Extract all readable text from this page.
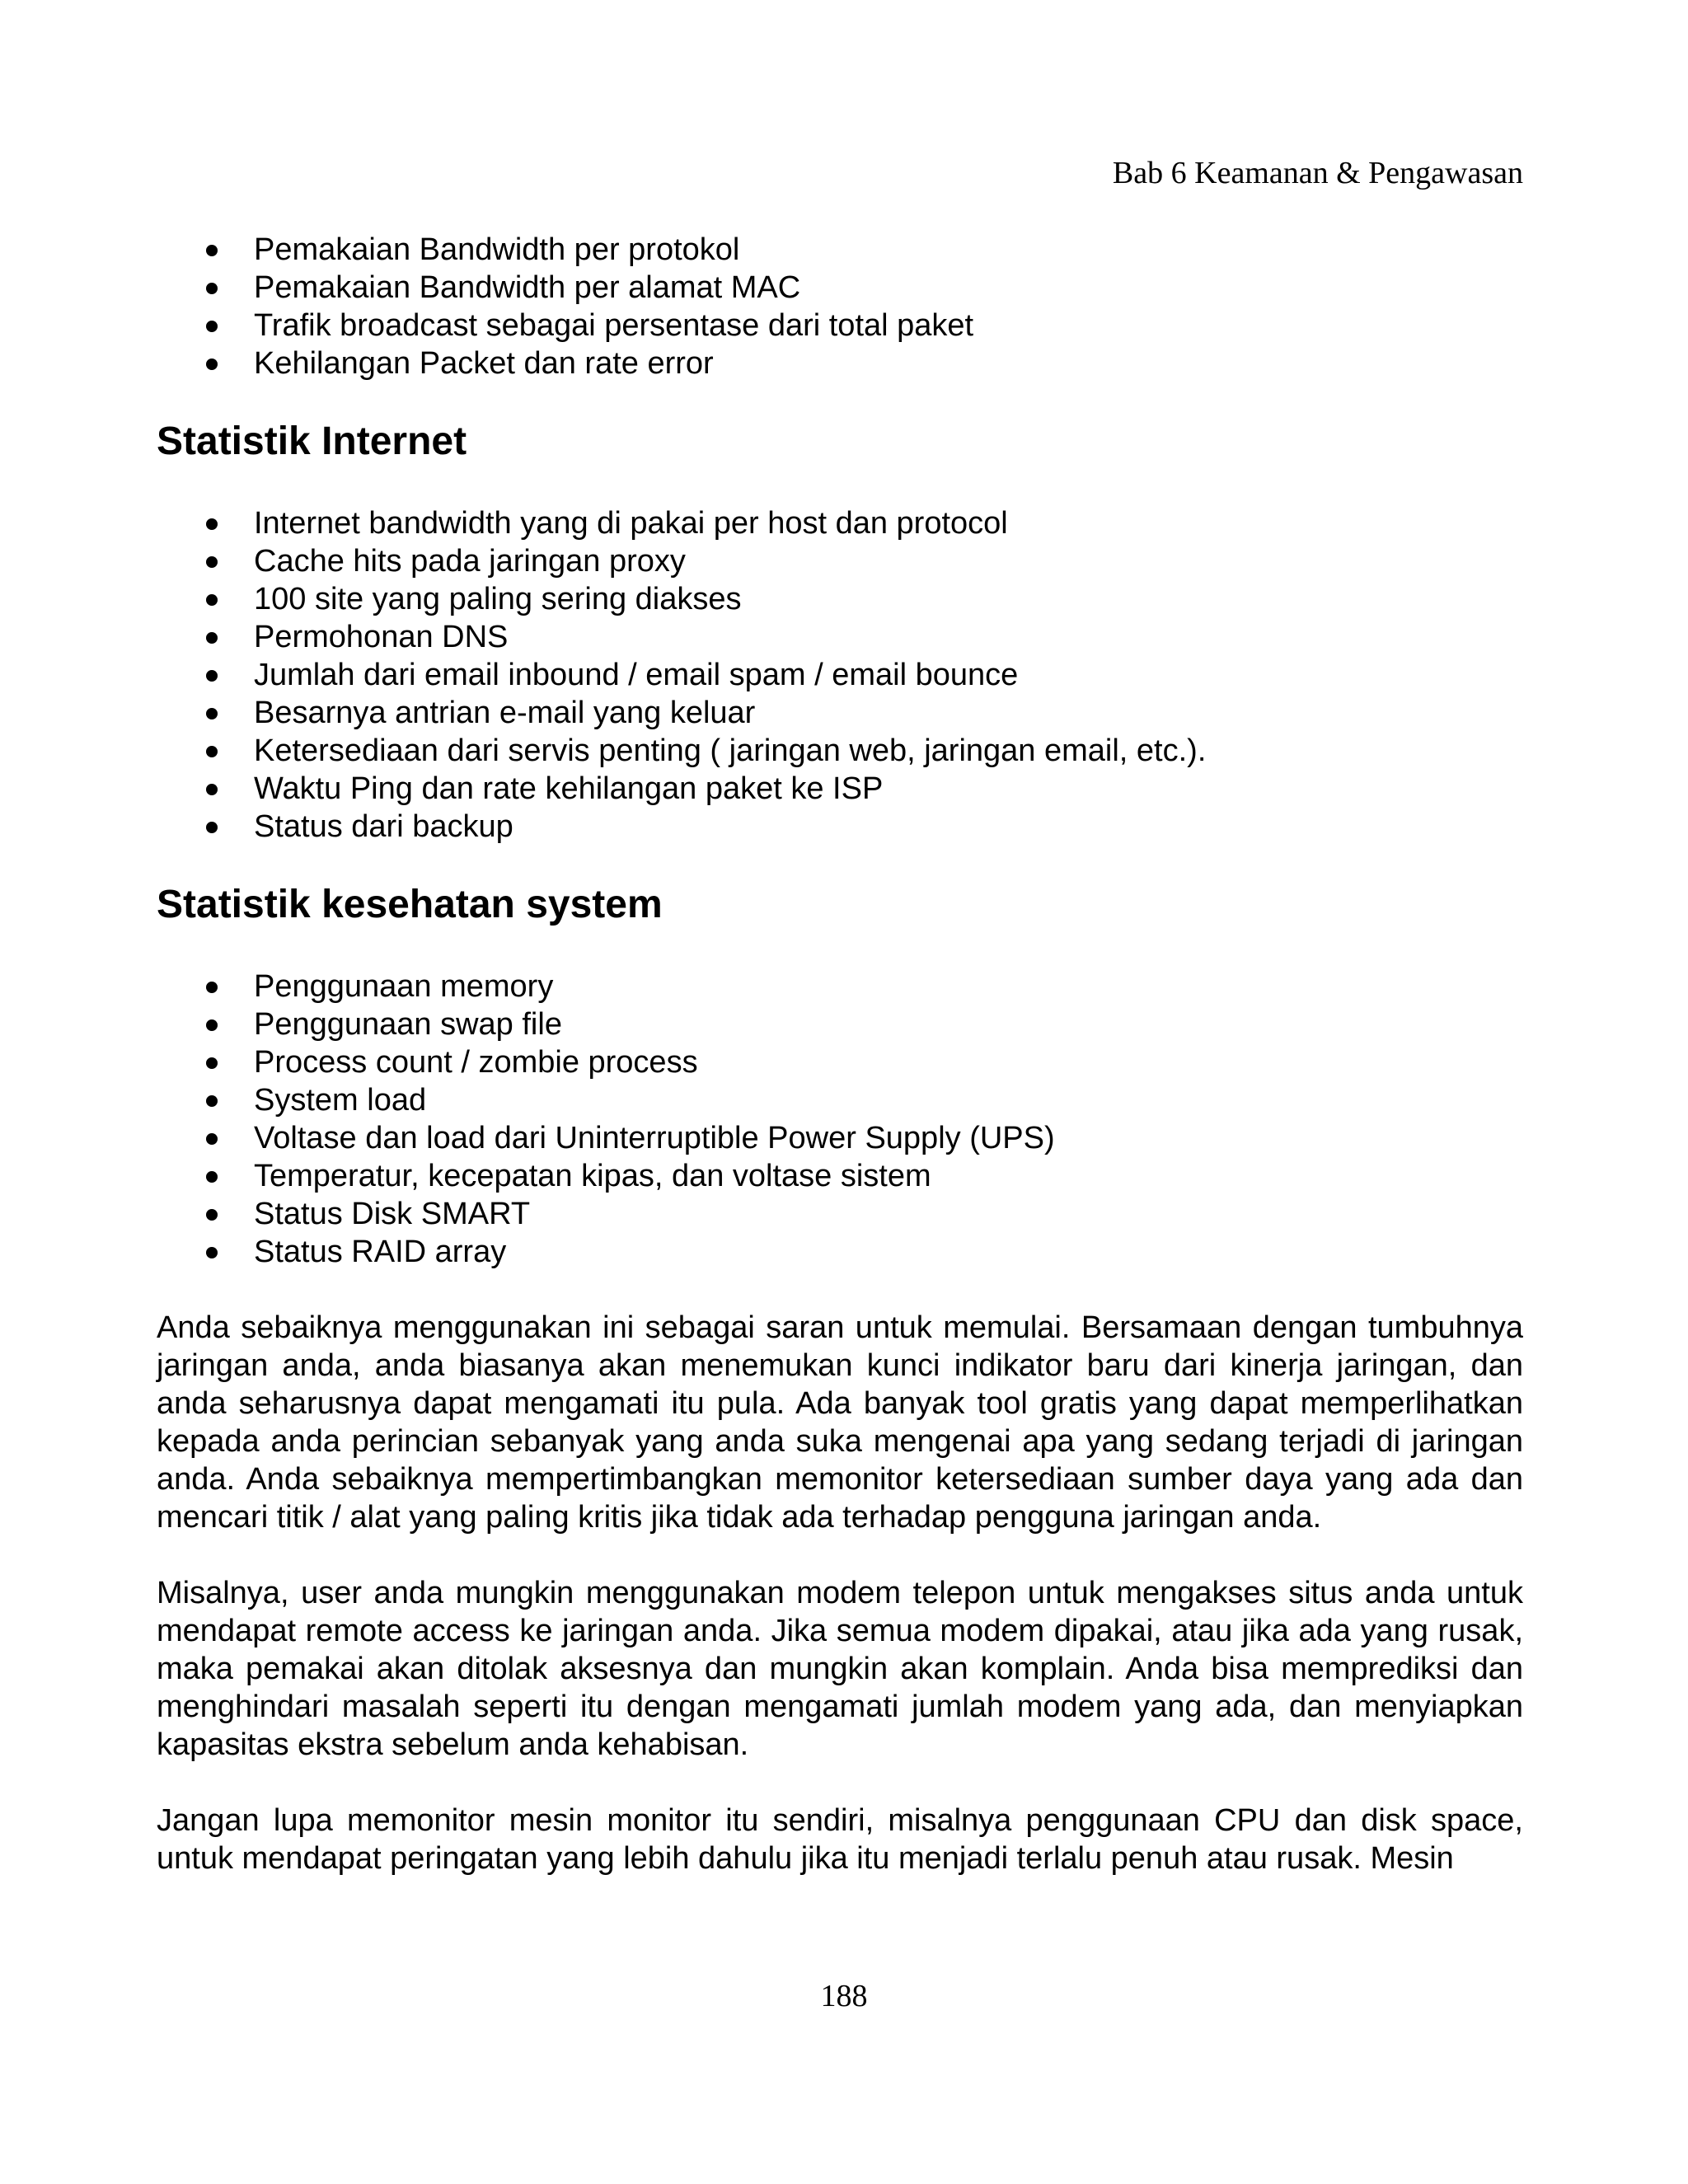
Bab 6 Keamanan & Pengawasan
Pemakaian Bandwidth per protokol
Pemakaian Bandwidth per alamat MAC
Trafik broadcast sebagai persentase dari total paket
Kehilangan Packet dan rate error
Statistik Internet
Internet bandwidth yang di pakai per host dan protocol
Cache hits pada jaringan proxy
100 site yang paling sering diakses
Permohonan DNS
Jumlah dari email inbound / email spam / email bounce
Besarnya antrian e-mail yang keluar
Ketersediaan dari servis penting ( jaringan web, jaringan email, etc.).
Waktu Ping dan rate kehilangan paket ke ISP
Status dari backup
Statistik kesehatan system
Penggunaan memory
Penggunaan swap file
Process count / zombie process
System load
Voltase dan load dari Uninterruptible Power Supply (UPS)
Temperatur, kecepatan kipas, dan voltase sistem
Status Disk SMART
Status RAID array

Anda sebaiknya menggunakan ini sebagai saran untuk memulai. Bersamaan dengan tumbuhnya jaringan anda, anda biasanya akan menemukan kunci indikator baru dari kinerja jaringan, dan anda seharusnya dapat mengamati itu pula. Ada banyak tool gratis yang dapat memperlihatkan kepada anda perincian sebanyak yang anda suka mengenai apa yang sedang terjadi di jaringan anda. Anda sebaiknya mempertimbangkan memonitor ketersediaan sumber daya yang ada dan mencari titik / alat yang paling kritis jika tidak ada terhadap pengguna jaringan anda.

Misalnya, user anda mungkin menggunakan modem telepon untuk mengakses situs anda untuk mendapat remote access ke jaringan anda. Jika semua modem dipakai, atau jika ada yang rusak, maka pemakai akan ditolak aksesnya dan mungkin akan komplain. Anda bisa memprediksi dan menghindari masalah seperti itu dengan mengamati jumlah modem yang ada, dan menyiapkan kapasitas ekstra sebelum anda kehabisan.

Jangan lupa memonitor mesin monitor itu sendiri, misalnya penggunaan CPU dan disk space, untuk mendapat peringatan yang lebih dahulu jika itu menjadi terlalu penuh atau rusak. Mesin

188
